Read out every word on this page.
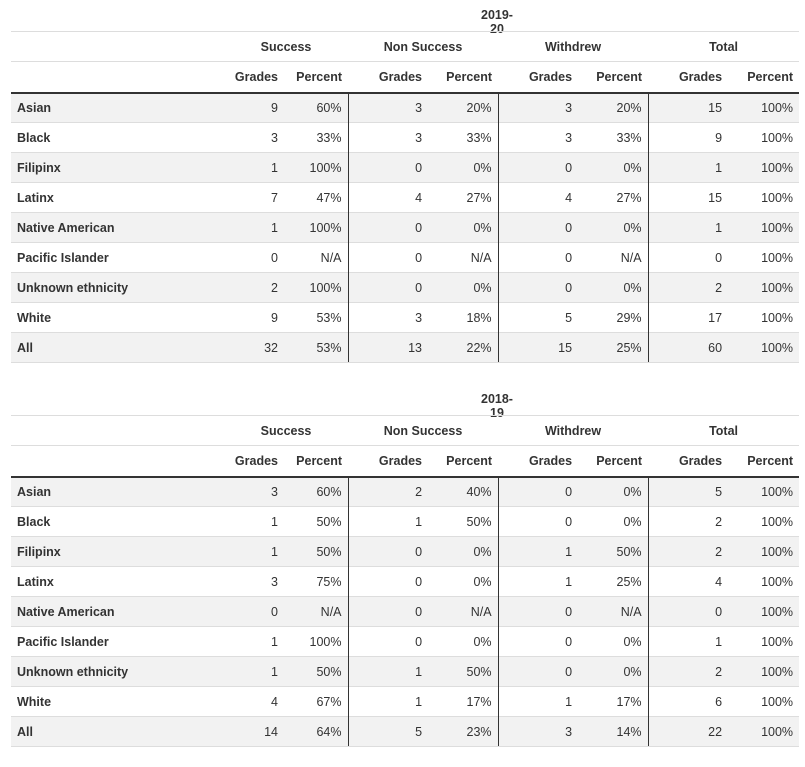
2019-20
	Success		Non Success		Withdrew		Total	
	Grades	Percent	Grades	Percent	Grades	Percent	Grades	Percent
Asian	9	60%	3	20%	3	20%	15	100%
Black	3	33%	3	33%	3	33%	9	100%
Filipinx	1	100%	0	0%	0	0%	1	100%
Latinx	7	47%	4	27%	4	27%	15	100%
Native American	1	100%	0	0%	0	0%	1	100%
Pacific Islander	0	N/A	0	N/A	0	N/A	0	100%
Unknown ethnicity	2	100%	0	0%	0	0%	2	100%
White	9	53%	3	18%	5	29%	17	100%
All	32	53%	13	22%	15	25%	60	100%
2018-19
	Success		Non Success		Withdrew		Total	
	Grades	Percent	Grades	Percent	Grades	Percent	Grades	Percent
Asian	3	60%	2	40%	0	0%	5	100%
Black	1	50%	1	50%	0	0%	2	100%
Filipinx	1	50%	0	0%	1	50%	2	100%
Latinx	3	75%	0	0%	1	25%	4	100%
Native American	0	N/A	0	N/A	0	N/A	0	100%
Pacific Islander	1	100%	0	0%	0	0%	1	100%
Unknown ethnicity	1	50%	1	50%	0	0%	2	100%
White	4	67%	1	17%	1	17%	6	100%
All	14	64%	5	23%	3	14%	22	100%
